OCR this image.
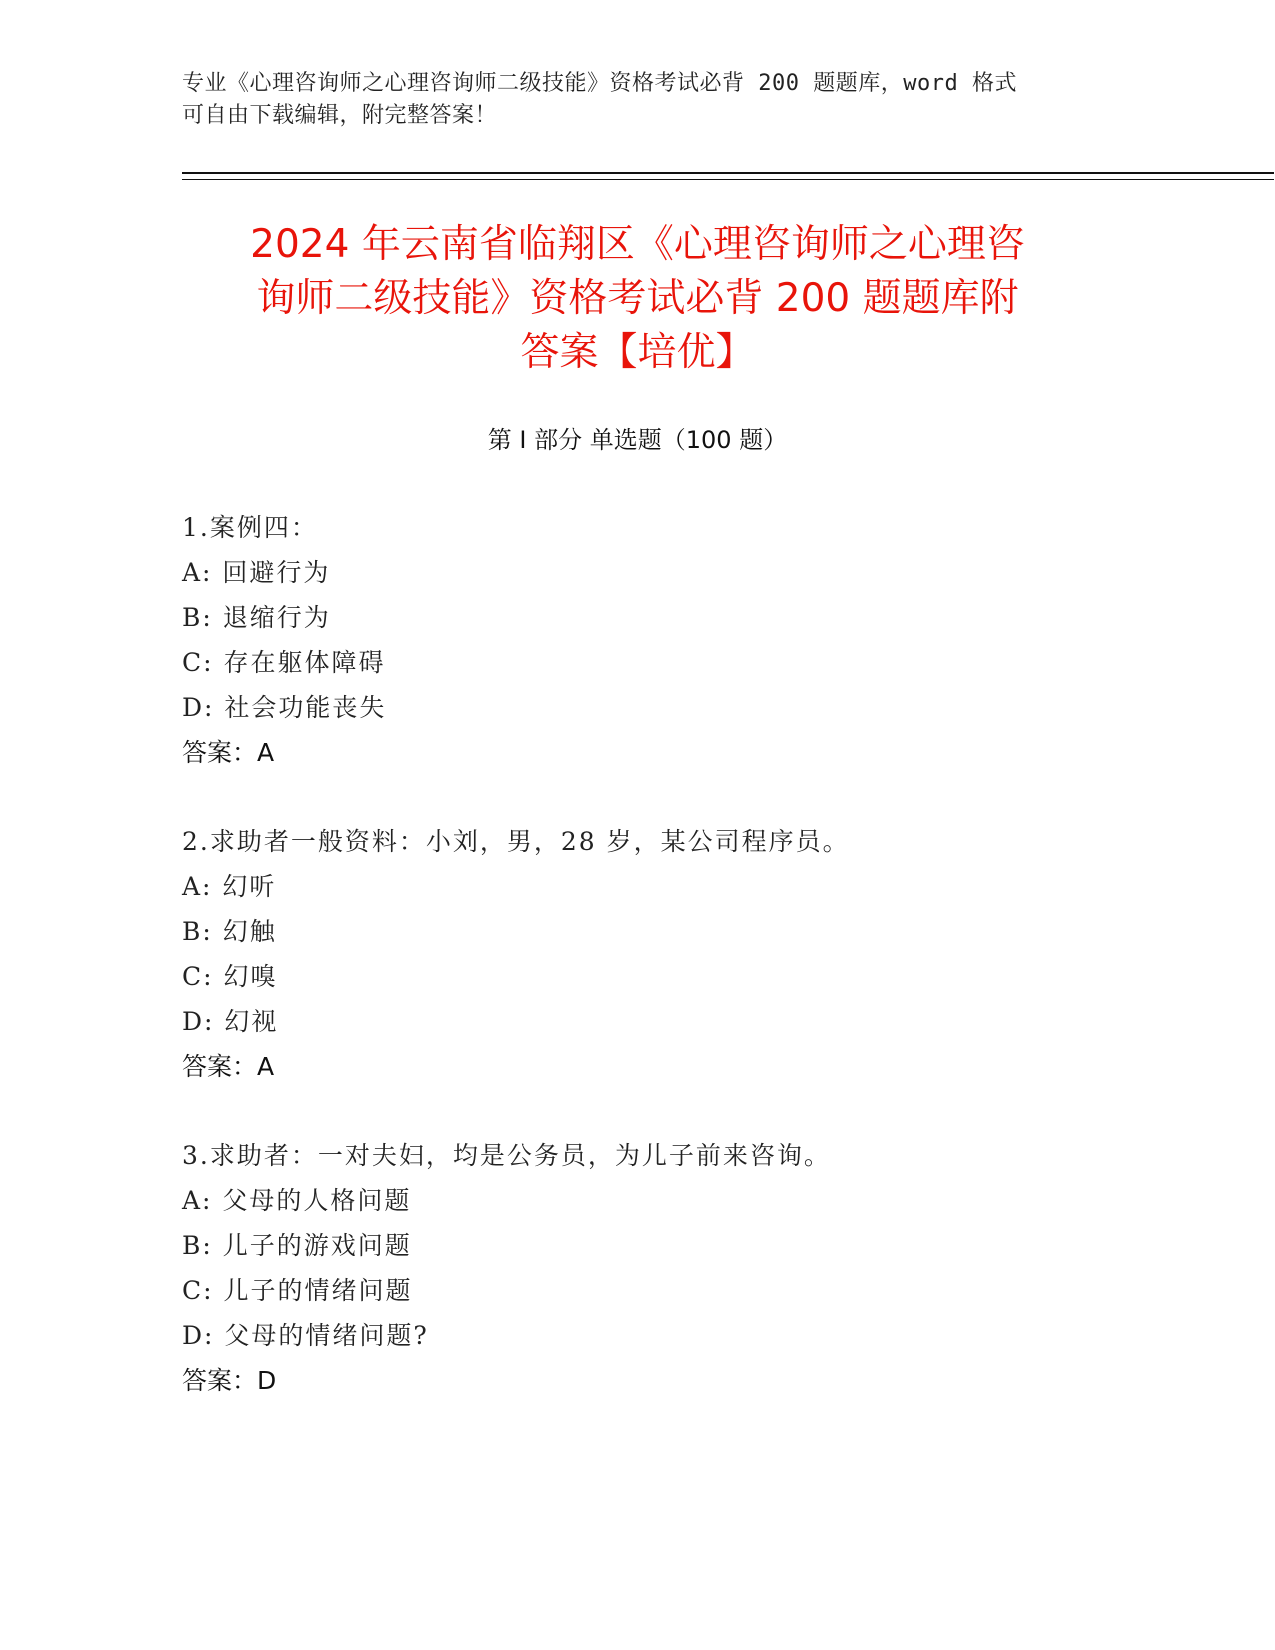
专业《心理咨询师之心理咨询师二级技能》资格考试必背 200 题题库，word 格式
可自由下载编辑，附完整答案！
2024 年云南省临翔区《心理咨询师之心理咨
询师二级技能》资格考试必背 200 题题库附
答案【培优】
第 I 部分 单选题（100 题）
1.案例四：
A: 回避行为
B: 退缩行为
C: 存在躯体障碍
D: 社会功能丧失
答案：A
2.求助者一般资料：小刘，男，28 岁，某公司程序员。
A: 幻听
B: 幻触
C: 幻嗅
D: 幻视
答案：A
3.求助者：一对夫妇，均是公务员，为儿子前来咨询。
A: 父母的人格问题
B: 儿子的游戏问题
C: 儿子的情绪问题
D: 父母的情绪问题?
答案：D
